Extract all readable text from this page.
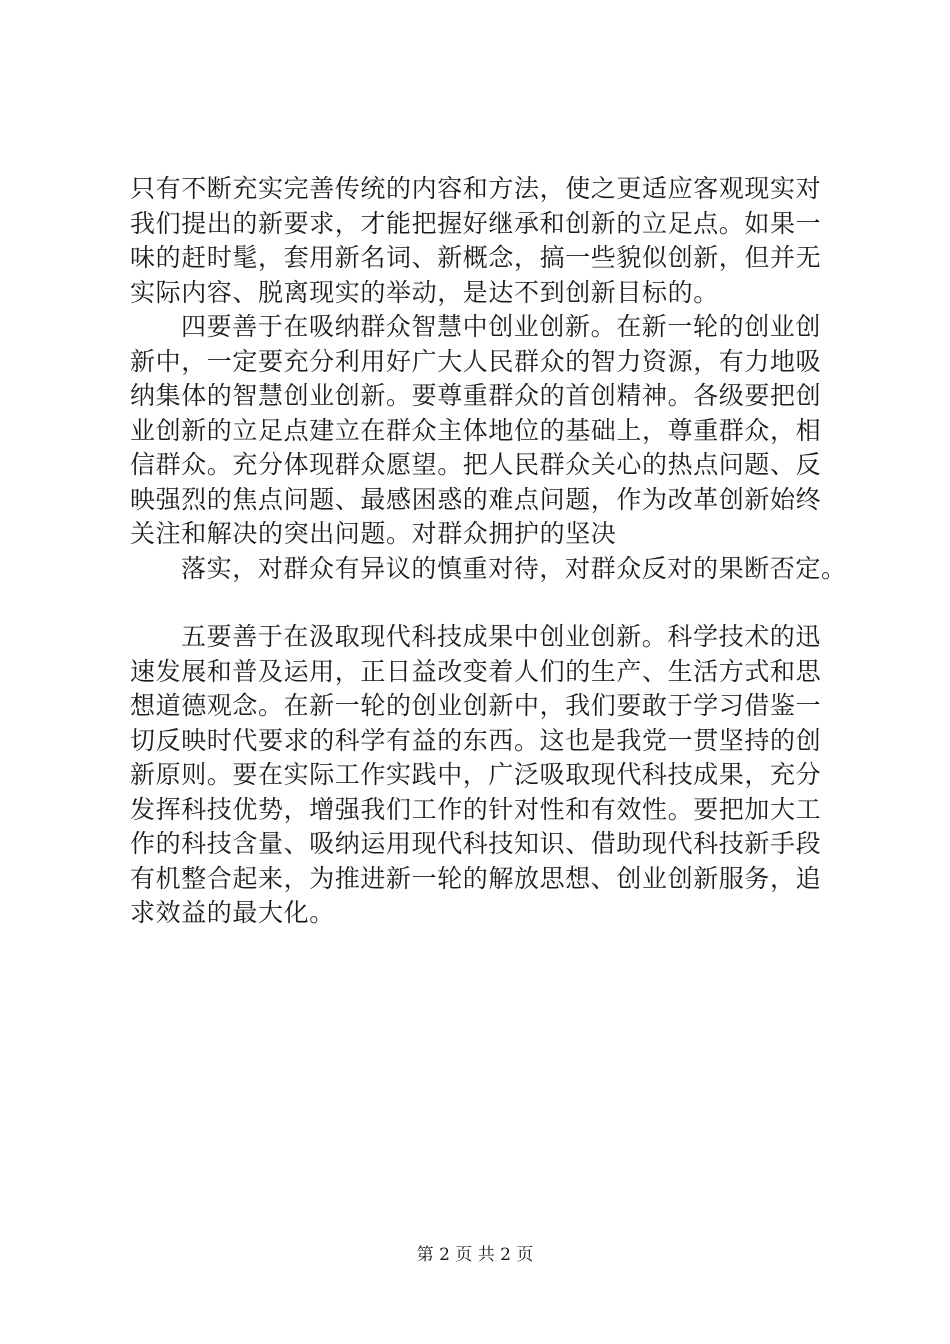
只有不断充实完善传统的内容和方法，使之更适应客观现实对
我们提出的新要求，才能把握好继承和创新的立足点。如果一
味的赶时髦，套用新名词、新概念，搞一些貌似创新，但并无
实际内容、脱离现实的举动，是达不到创新目标的。
四要善于在吸纳群众智慧中创业创新。在新一轮的创业创
新中，一定要充分利用好广大人民群众的智力资源，有力地吸
纳集体的智慧创业创新。要尊重群众的首创精神。各级要把创
业创新的立足点建立在群众主体地位的基础上，尊重群众，相
信群众。充分体现群众愿望。把人民群众关心的热点问题、反
映强烈的焦点问题、最感困惑的难点问题，作为改革创新始终
关注和解决的突出问题。对群众拥护的坚决
落实，对群众有异议的慎重对待，对群众反对的果断否定。
五要善于在汲取现代科技成果中创业创新。科学技术的迅
速发展和普及运用，正日益改变着人们的生产、生活方式和思
想道德观念。在新一轮的创业创新中，我们要敢于学习借鉴一
切反映时代要求的科学有益的东西。这也是我党一贯坚持的创
新原则。要在实际工作实践中，广泛吸取现代科技成果，充分
发挥科技优势，增强我们工作的针对性和有效性。要把加大工
作的科技含量、吸纳运用现代科技知识、借助现代科技新手段
有机整合起来，为推进新一轮的解放思想、创业创新服务，追
求效益的最大化。
第 2 页 共 2 页
